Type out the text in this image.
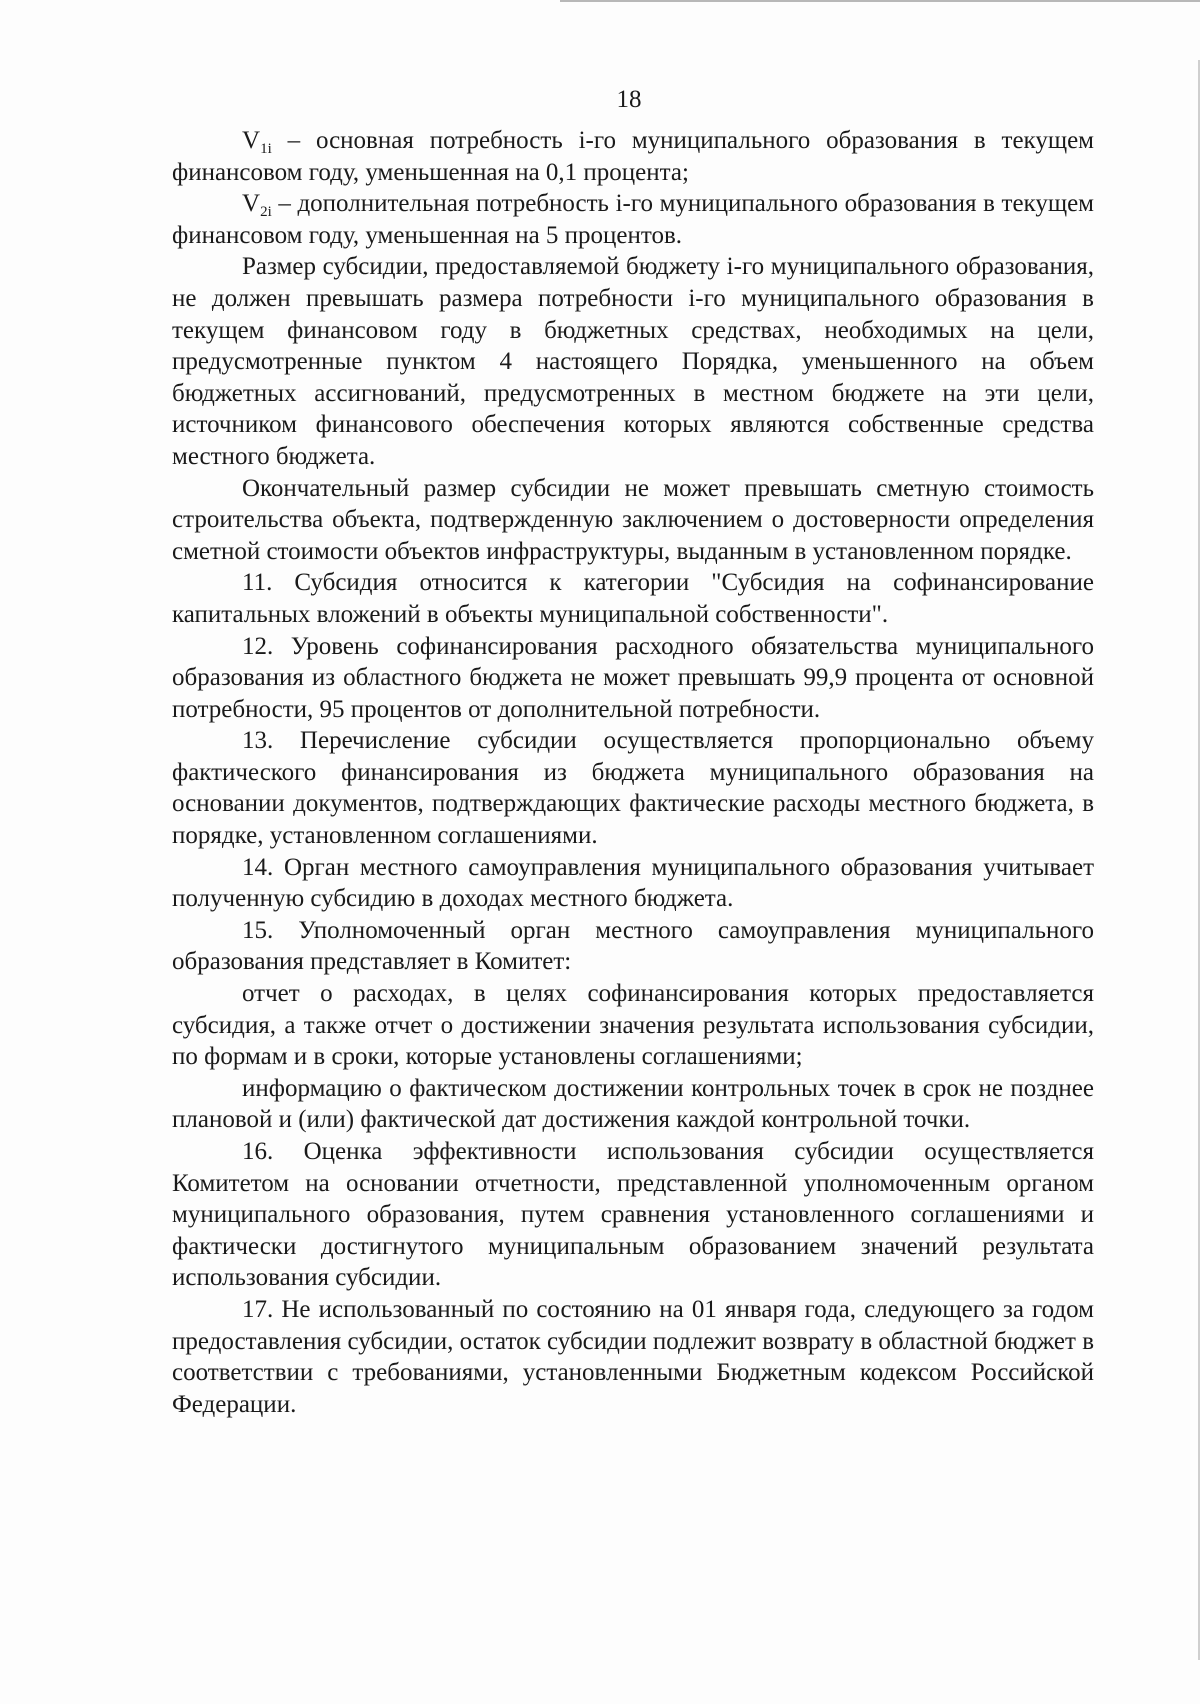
18

$V_{1i}$ – основная потребность i-го муниципального образования в текущем финансовом году, уменьшенная на 0,1 процента;

$V_{2i}$ – дополнительная потребность i-го муниципального образования в текущем финансовом году, уменьшенная на 5 процентов.

Размер субсидии, предоставляемой бюджету i-го муниципального образования, не должен превышать размера потребности i-го муниципального образования в текущем финансовом году в бюджетных средствах, необходимых на цели, предусмотренные пунктом 4 настоящего Порядка, уменьшенного на объем бюджетных ассигнований, предусмотренных в местном бюджете на эти цели, источником финансового обеспечения которых являются собственные средства местного бюджета.

Окончательный размер субсидии не может превышать сметную стоимость строительства объекта, подтвержденную заключением о достоверности определения сметной стоимости объектов инфраструктуры, выданным в установленном порядке.

11. Субсидия относится к категории "Субсидия на софинансирование капитальных вложений в объекты муниципальной собственности".

12. Уровень софинансирования расходного обязательства муниципального образования из областного бюджета не может превышать 99,9 процента от основной потребности, 95 процентов от дополнительной потребности.

13. Перечисление субсидии осуществляется пропорционально объему фактического финансирования из бюджета муниципального образования на основании документов, подтверждающих фактические расходы местного бюджета, в порядке, установленном соглашениями.

14. Орган местного самоуправления муниципального образования учитывает полученную субсидию в доходах местного бюджета.

15. Уполномоченный орган местного самоуправления муниципального образования представляет в Комитет:

отчет о расходах, в целях софинансирования которых предоставляется субсидия, а также отчет о достижении значения результата использования субсидии, по формам и в сроки, которые установлены соглашениями;

информацию о фактическом достижении контрольных точек в срок не позднее плановой и (или) фактической дат достижения каждой контрольной точки.

16. Оценка эффективности использования субсидии осуществляется Комитетом на основании отчетности, представленной уполномоченным органом муниципального образования, путем сравнения установленного соглашениями и фактически достигнутого муниципальным образованием значений результата использования субсидии.

17. Не использованный по состоянию на 01 января года, следующего за годом предоставления субсидии, остаток субсидии подлежит возврату в областной бюджет в соответствии с требованиями, установленными Бюджетным кодексом Российской Федерации.
